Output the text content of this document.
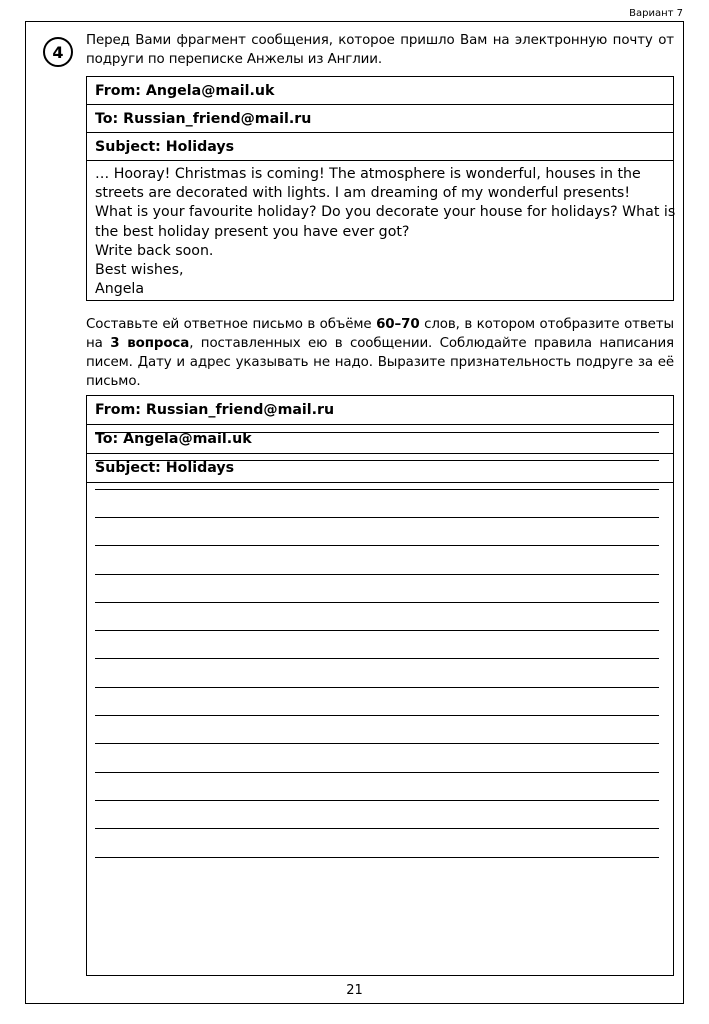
Вариант 7
4
Перед Вами фрагмент сообщения, которое пришло Вам на электронную почту от подруги по переписке Анжелы из Англии.
From: Angela@mail.uk
To: Russian_friend@mail.ru
Subject: Holidays
… Hooray! Christmas is coming! The atmosphere is wonderful, houses in the
streets are decorated with lights. I am dreaming of my wonderful presents!
What is your favourite holiday? Do you decorate your house for holidays? What is
the best holiday present you have ever got?
Write back soon.
Best wishes,
Angela
Составьте ей ответное письмо в объёме 60–70 слов, в котором отобразите ответы на 3 вопроса, поставленных ею в сообщении. Соблюдайте правила написания писем. Дату и адрес указывать не надо. Выразите признательность подруге за её письмо.
From: Russian_friend@mail.ru
To: Angela@mail.uk
Subject: Holidays
21
